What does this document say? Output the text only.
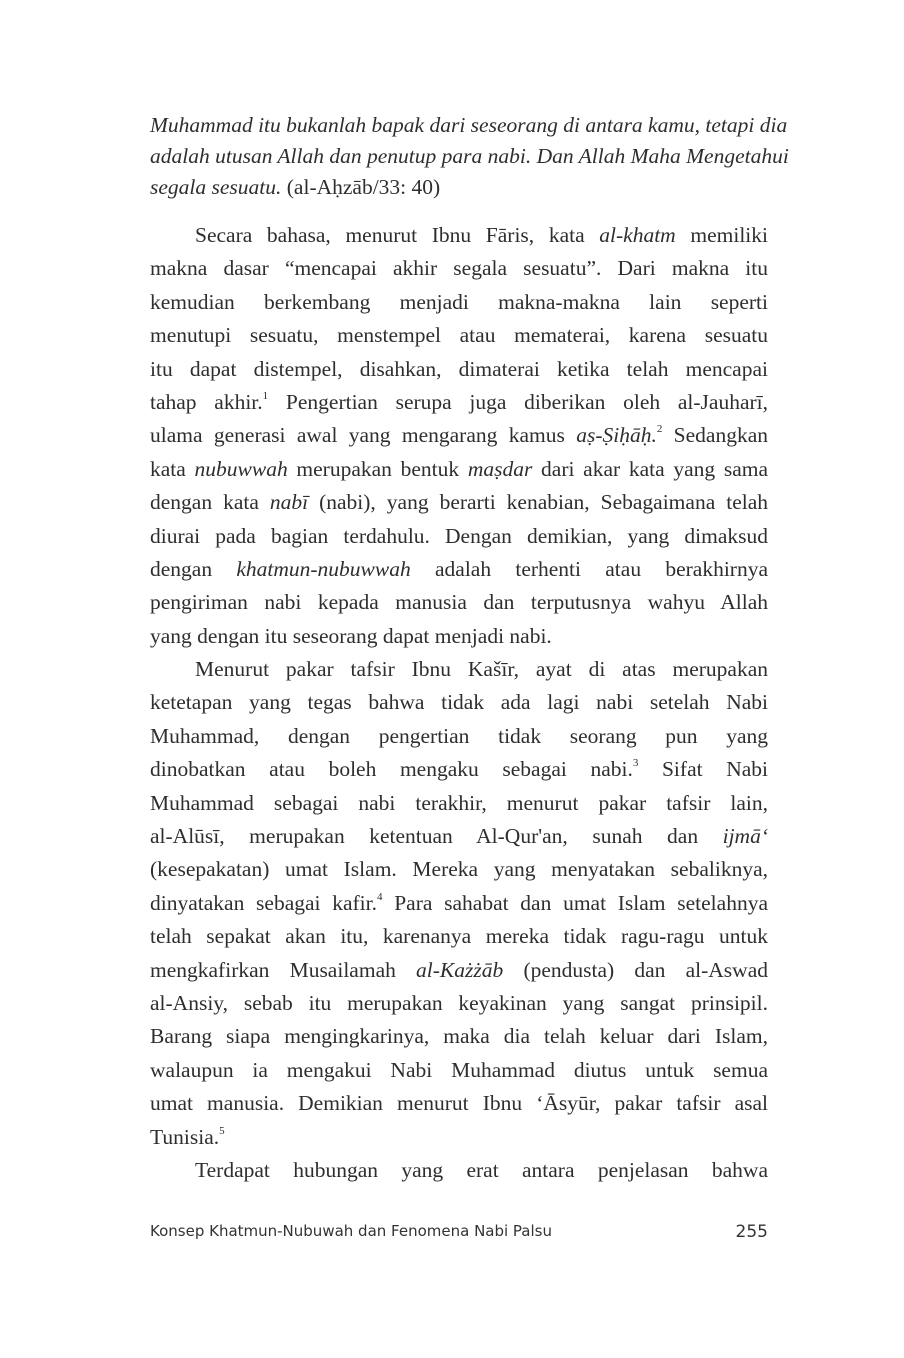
Muhammad itu bukanlah bapak dari seseorang di antara kamu, tetapi dia
adalah utusan Allah dan penutup para nabi. Dan Allah Maha Mengetahui
segala sesuatu. (al-Aḥzāb/33: 40)
Secara bahasa, menurut Ibnu Fāris, kata al-khatm memiliki
makna dasar “mencapai akhir segala sesuatu”. Dari makna itu
kemudian berkembang menjadi makna-makna lain seperti
menutupi sesuatu, menstempel atau mematerai, karena sesuatu
itu dapat distempel, disahkan, dimaterai ketika telah mencapai
tahap akhir.$^1$ Pengertian serupa juga diberikan oleh al-Jauharī,
ulama generasi awal yang mengarang kamus aṣ-Ṣiḥāḥ.$^2$ Sedangkan
kata nubuwwah merupakan bentuk maṣdar dari akar kata yang sama
dengan kata nabī (nabi), yang berarti kenabian, Sebagaimana telah
diurai pada bagian terdahulu. Dengan demikian, yang dimaksud
dengan khatmun-nubuwwah adalah terhenti atau berakhirnya
pengiriman nabi kepada manusia dan terputusnya wahyu Allah
yang dengan itu seseorang dapat menjadi nabi.
Menurut pakar tafsir Ibnu Kašīr, ayat di atas merupakan
ketetapan yang tegas bahwa tidak ada lagi nabi setelah Nabi
Muhammad, dengan pengertian tidak seorang pun yang
dinobatkan atau boleh mengaku sebagai nabi.$^3$ Sifat Nabi
Muhammad sebagai nabi terakhir, menurut pakar tafsir lain,
al-Alūsī, merupakan ketentuan Al-Qur'an, sunah dan ijmā‘
(kesepakatan) umat Islam. Mereka yang menyatakan sebaliknya,
dinyatakan sebagai kafir.$^4$ Para sahabat dan umat Islam setelahnya
telah sepakat akan itu, karenanya mereka tidak ragu-ragu untuk
mengkafirkan Musailamah al-Każżāb (pendusta) dan al-Aswad
al-Ansiy, sebab itu merupakan keyakinan yang sangat prinsipil.
Barang siapa mengingkarinya, maka dia telah keluar dari Islam,
walaupun ia mengakui Nabi Muhammad diutus untuk semua
umat manusia. Demikian menurut Ibnu ‘Āsyūr, pakar tafsir asal
Tunisia.$^5$
Terdapat hubungan yang erat antara penjelasan bahwa
Konsep Khatmun-Nubuwah dan Fenomena Nabi Palsu	255
